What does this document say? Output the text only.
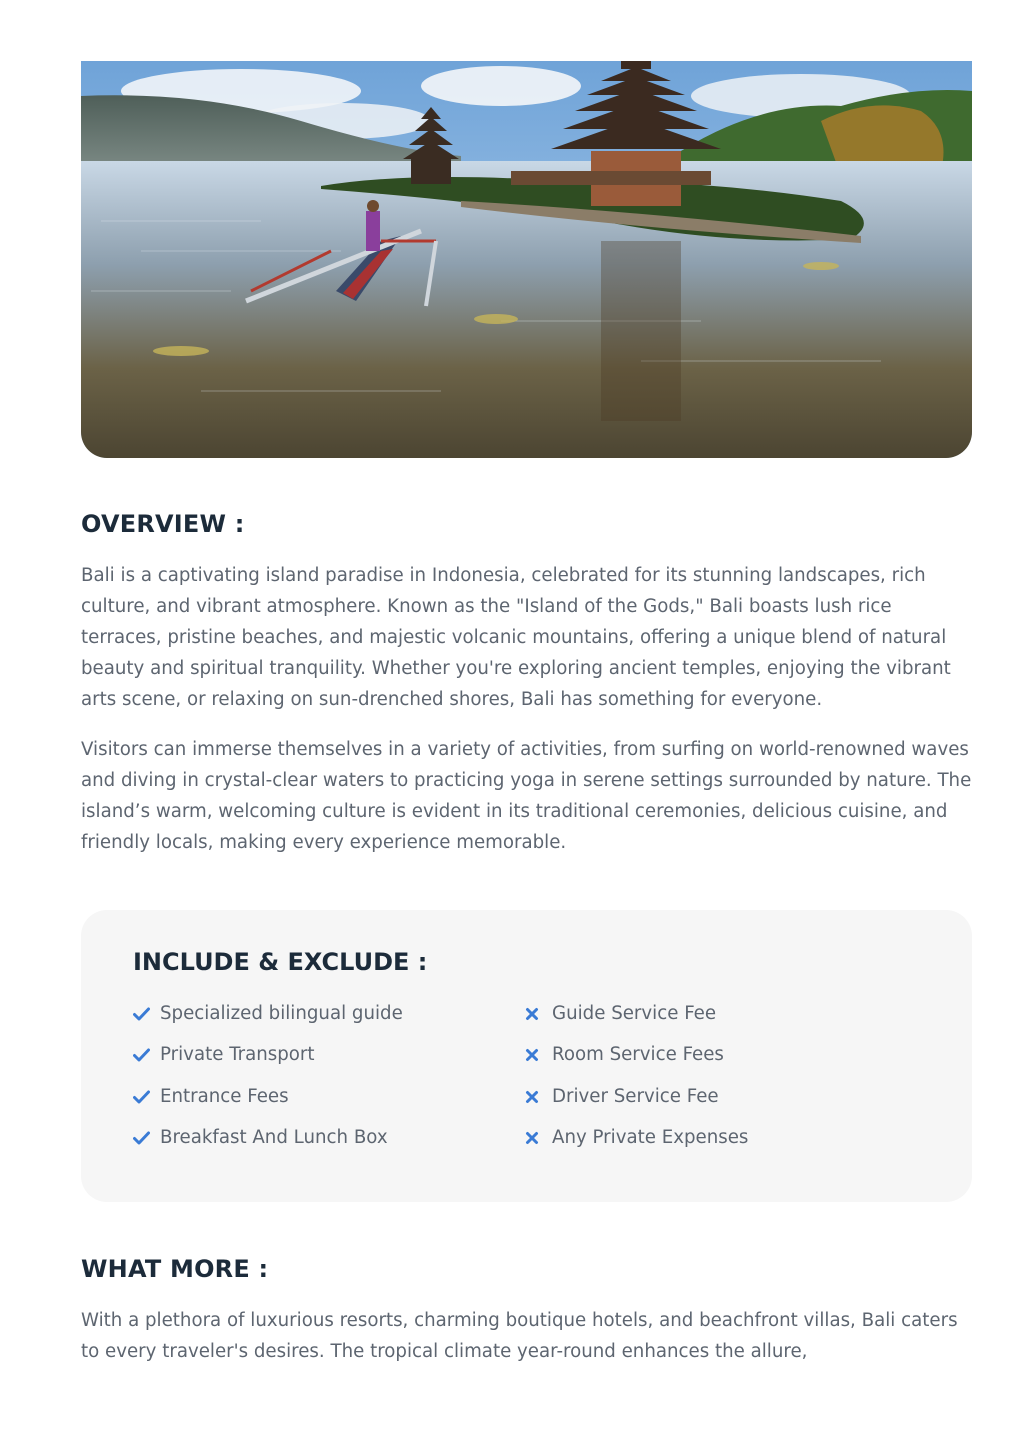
OVERVIEW :

Bali is a captivating island paradise in Indonesia, celebrated for its stunning landscapes, rich culture, and vibrant atmosphere. Known as the "Island of the Gods," Bali boasts lush rice terraces, pristine beaches, and majestic volcanic mountains, offering a unique blend of natural beauty and spiritual tranquility. Whether you're exploring ancient temples, enjoying the vibrant arts scene, or relaxing on sun-drenched shores, Bali has something for everyone.

Visitors can immerse themselves in a variety of activities, from surfing on world-renowned waves and diving in crystal-clear waters to practicing yoga in serene settings surrounded by nature. The island’s warm, welcoming culture is evident in its traditional ceremonies, delicious cuisine, and friendly locals, making every experience memorable.

INCLUDE & EXCLUDE :
Specialized bilingual guide
Private Transport
Entrance Fees
Breakfast And Lunch Box
Guide Service Fee
Room Service Fees
Driver Service Fee
Any Private Expenses
WHAT MORE :

With a plethora of luxurious resorts, charming boutique hotels, and beachfront villas, Bali caters to every traveler's desires. The tropical climate year-round enhances the allure,
